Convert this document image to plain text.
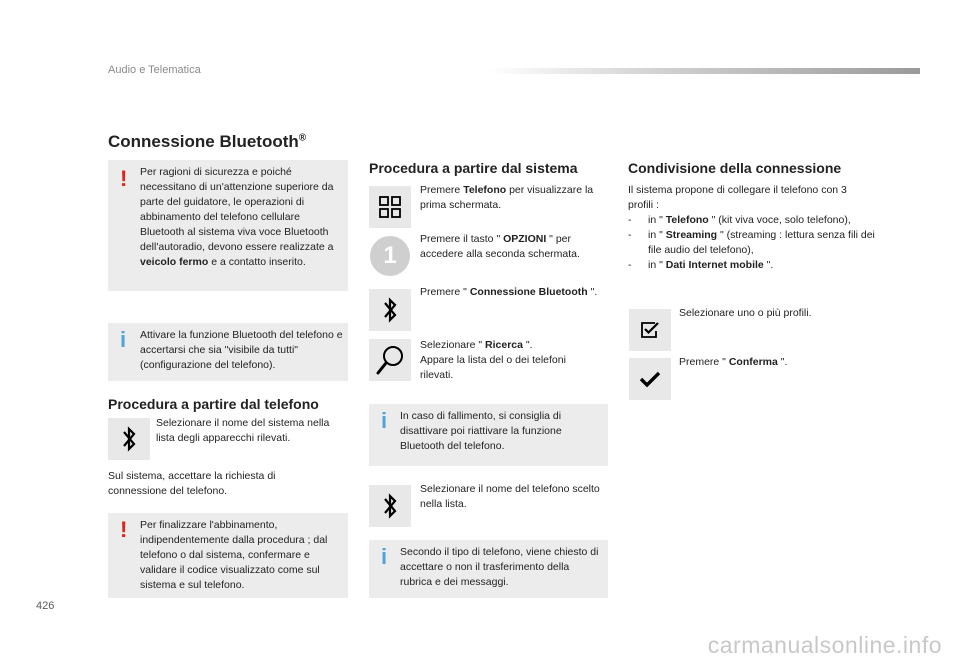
Audio e Telematica
Connessione Bluetooth®
! Per ragioni di sicurezza e poiché necessitano di un'attenzione superiore da parte del guidatore, le operazioni di abbinamento del telefono cellulare Bluetooth al sistema viva voce Bluetooth dell'autoradio, devono essere realizzate a veicolo fermo e a contatto inserito.
i Attivare la funzione Bluetooth del telefono e accertarsi che sia "visibile da tutti" (configurazione del telefono).
Procedura a partire dal telefono
Selezionare il nome del sistema nella lista degli apparecchi rilevati.
Sul sistema, accettare la richiesta di connessione del telefono.
! Per finalizzare l'abbinamento, indipendentemente dalla procedura ; dal telefono o dal sistema, confermare e validare il codice visualizzato come sul sistema e sul telefono.
Procedura a partire dal sistema
Premere Telefono per visualizzare la prima schermata.
1
Premere il tasto " OPZIONI " per accedere alla seconda schermata.
Premere " Connessione Bluetooth ".
Selezionare " Ricerca ".
Appare la lista del o dei telefoni rilevati.
i In caso di fallimento, si consiglia di disattivare poi riattivare la funzione Bluetooth del telefono.
Selezionare il nome del telefono scelto nella lista.
i Secondo il tipo di telefono, viene chiesto di accettare o non il trasferimento della rubrica e dei messaggi.
Condivisione della connessione
Il sistema propone di collegare il telefono con 3 profili :
-	in " Telefono " (kit viva voce, solo telefono),
-	in " Streaming " (streaming : lettura senza fili dei file audio del telefono),
-	in " Dati Internet mobile ".
Selezionare uno o più profili.
Premere " Conferma ".
426
carmanualsonline.info
